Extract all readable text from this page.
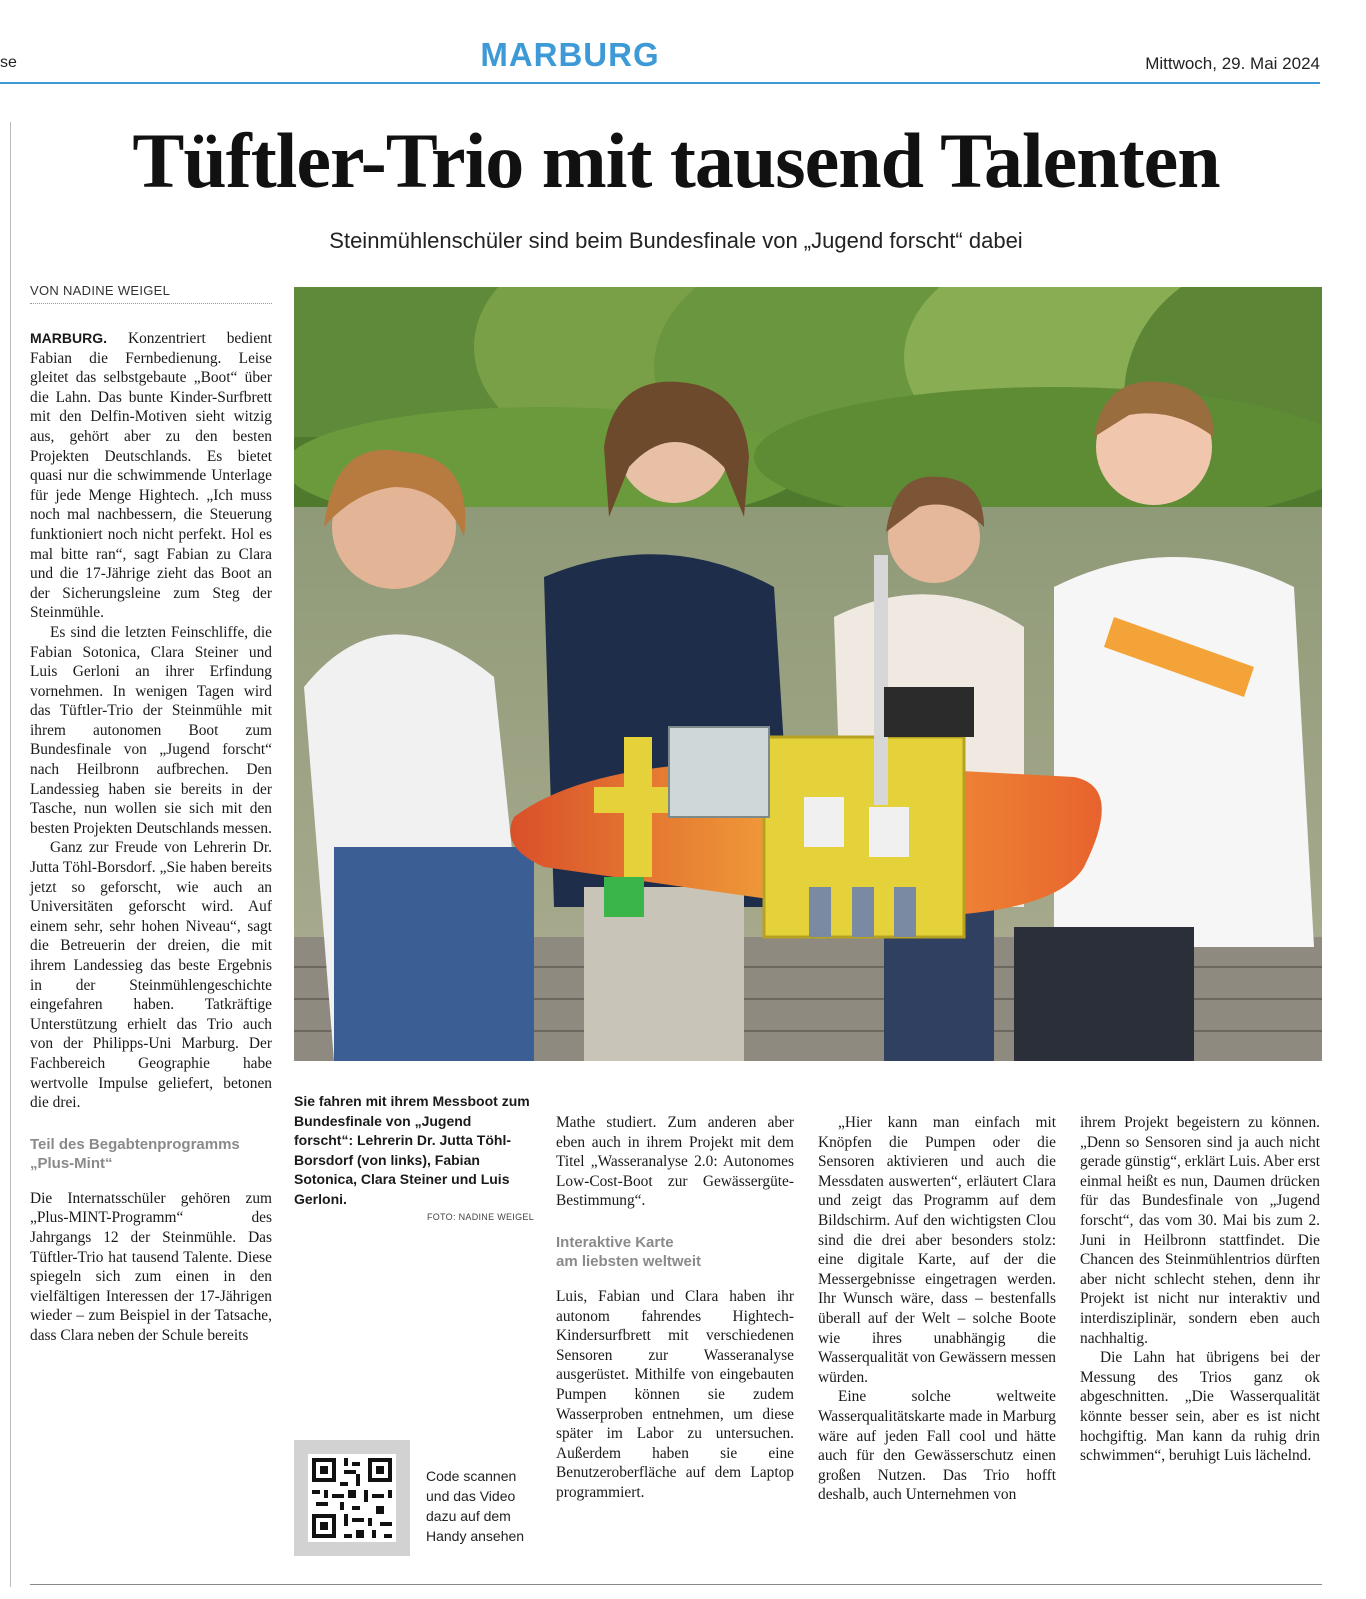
se	MARBURG	Mittwoch, 29. Mai 2024
Tüftler-Trio mit tausend Talenten
Steinmühlenschüler sind beim Bundesfinale von „Jugend forscht“ dabei
VON NADINE WEIGEL

MARBURG. Konzentriert bedient Fabian die Fernbedienung. Leise gleitet das selbstgebaute „Boot“ über die Lahn. Das bunte Kinder-Surfbrett mit den Delfin-Motiven sieht witzig aus, gehört aber zu den besten Projekten Deutschlands. Es bietet quasi nur die schwimmende Unterlage für jede Menge Hightech. „Ich muss noch mal nachbessern, die Steuerung funktioniert noch nicht perfekt. Hol es mal bitte ran“, sagt Fabian zu Clara und die 17-Jährige zieht das Boot an der Sicherungsleine zum Steg der Steinmühle.

Es sind die letzten Feinschliffe, die Fabian Sotonica, Clara Steiner und Luis Gerloni an ihrer Erfindung vornehmen. In wenigen Tagen wird das Tüftler-Trio der Steinmühle mit ihrem autonomen Boot zum Bundesfinale von „Jugend forscht“ nach Heilbronn aufbrechen. Den Landessieg haben sie bereits in der Tasche, nun wollen sie sich mit den besten Projekten Deutschlands messen.

Ganz zur Freude von Lehrerin Dr. Jutta Töhl-Borsdorf. „Sie haben bereits jetzt so geforscht, wie auch an Universitäten geforscht wird. Auf einem sehr, sehr hohen Niveau“, sagt die Betreuerin der dreien, die mit ihrem Landessieg das beste Ergebnis in der Steinmühlengeschichte eingefahren haben. Tatkräftige Unterstützung erhielt das Trio auch von der Philipps-Uni Marburg. Der Fachbereich Geographie habe wertvolle Impulse geliefert, betonen die drei.

Teil des Begabtenprogramms
„Plus-Mint“

Die Internatsschüler gehören zum „Plus-MINT-Programm“ des Jahrgangs 12 der Steinmühle. Das Tüftler-Trio hat tausend Talente. Diese spiegeln sich zum einen in den vielfältigen Interessen der 17-Jährigen wieder – zum Beispiel in der Tatsache, dass Clara neben der Schule bereits

Sie fahren mit ihrem Messboot zum Bundesfinale von „Jugend forscht“: Lehrerin Dr. Jutta Töhl-Borsdorf (von links), Fabian Sotonica, Clara Steiner und Luis Gerloni.
FOTO: NADINE WEIGEL
Code scannen
und das Video
dazu auf dem
Handy ansehen

Mathe studiert. Zum anderen aber eben auch in ihrem Projekt mit dem Titel „Wasseranalyse 2.0: Autonomes Low-Cost-Boot zur Gewässergüte-Bestimmung“.

Interaktive Karte
am liebsten weltweit

Luis, Fabian und Clara haben ihr autonom fahrendes Hightech-Kindersurfbrett mit verschiedenen Sensoren zur Wasseranalyse ausgerüstet. Mithilfe von eingebauten Pumpen können sie zudem Wasserproben entnehmen, um diese später im Labor zu untersuchen. Außerdem haben sie eine Benutzeroberfläche auf dem Laptop programmiert.

„Hier kann man einfach mit Knöpfen die Pumpen oder die Sensoren aktivieren und auch die Messdaten auswerten“, erläutert Clara und zeigt das Programm auf dem Bildschirm. Auf den wichtigsten Clou sind die drei aber besonders stolz: eine digitale Karte, auf der die Messergebnisse eingetragen werden. Ihr Wunsch wäre, dass – bestenfalls überall auf der Welt – solche Boote wie ihres unabhängig die Wasserqualität von Gewässern messen würden.

Eine solche weltweite Wasserqualitätskarte made in Marburg wäre auf jeden Fall cool und hätte auch für den Gewässerschutz einen großen Nutzen. Das Trio hofft deshalb, auch Unternehmen von

ihrem Projekt begeistern zu können. „Denn so Sensoren sind ja auch nicht gerade günstig“, erklärt Luis. Aber erst einmal heißt es nun, Daumen drücken für das Bundesfinale von „Jugend forscht“, das vom 30. Mai bis zum 2. Juni in Heilbronn stattfindet. Die Chancen des Steinmühlentrios dürften aber nicht schlecht stehen, denn ihr Projekt ist nicht nur interaktiv und interdisziplinär, sondern eben auch nachhaltig.

Die Lahn hat übrigens bei der Messung des Trios ganz ok abgeschnitten. „Die Wasserqualität könnte besser sein, aber es ist nicht hochgiftig. Man kann da ruhig drin schwimmen“, beruhigt Luis lächelnd.
